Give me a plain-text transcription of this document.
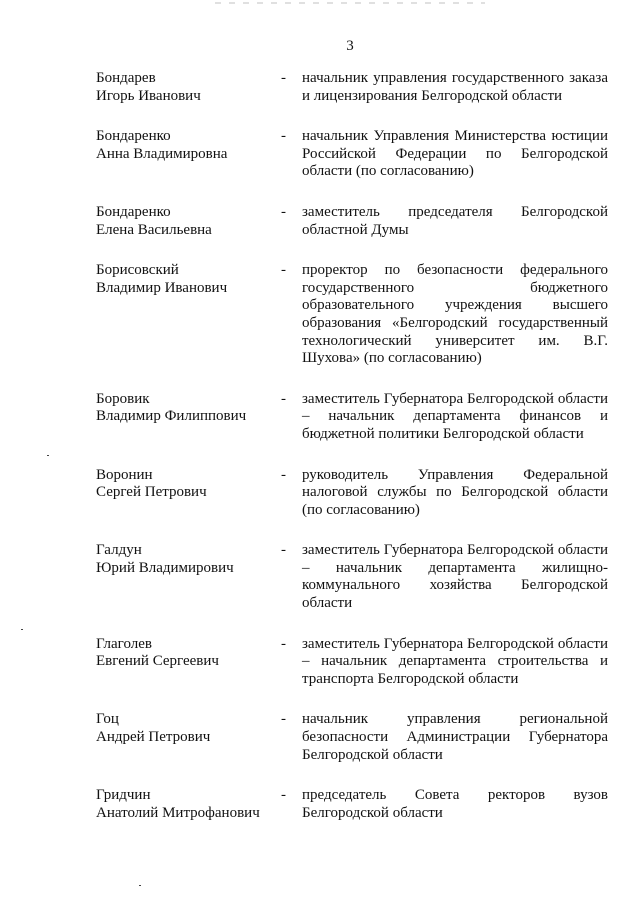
3
Бондарев
Игорь Иванович
-	начальник управления государственного заказа и лицензирования Белгородской области
Бондаренко
Анна Владимировна
-	начальник Управления Министерства юстиции Российской Федерации по Белгородской области (по согласованию)
Бондаренко
Елена Васильевна
-	заместитель председателя Белгородской областной Думы
Борисовский
Владимир Иванович
-	проректор по безопасности федерального государственного бюджетного образовательного учреждения высшего образования «Белгородский государственный технологический университет им. В.Г. Шухова» (по согласованию)
Боровик
Владимир Филиппович
-	заместитель Губернатора Белгородской области – начальник департамента финансов и бюджетной политики Белгородской области
Воронин
Сергей Петрович
-	руководитель Управления Федеральной налоговой службы по Белгородской области (по согласованию)
Галдун
Юрий Владимирович
-	заместитель Губернатора Белгородской области – начальник департамента жилищно-коммунального хозяйства Белгородской области
Глаголев
Евгений Сергеевич
-	заместитель Губернатора Белгородской области – начальник департамента строительства и транспорта Белгородской области
Гоц
Андрей Петрович
-	начальник управления региональной безопасности Администрации Губернатора Белгородской области
Гридчин
Анатолий Митрофанович
-	председатель Совета ректоров вузов Белгородской области
